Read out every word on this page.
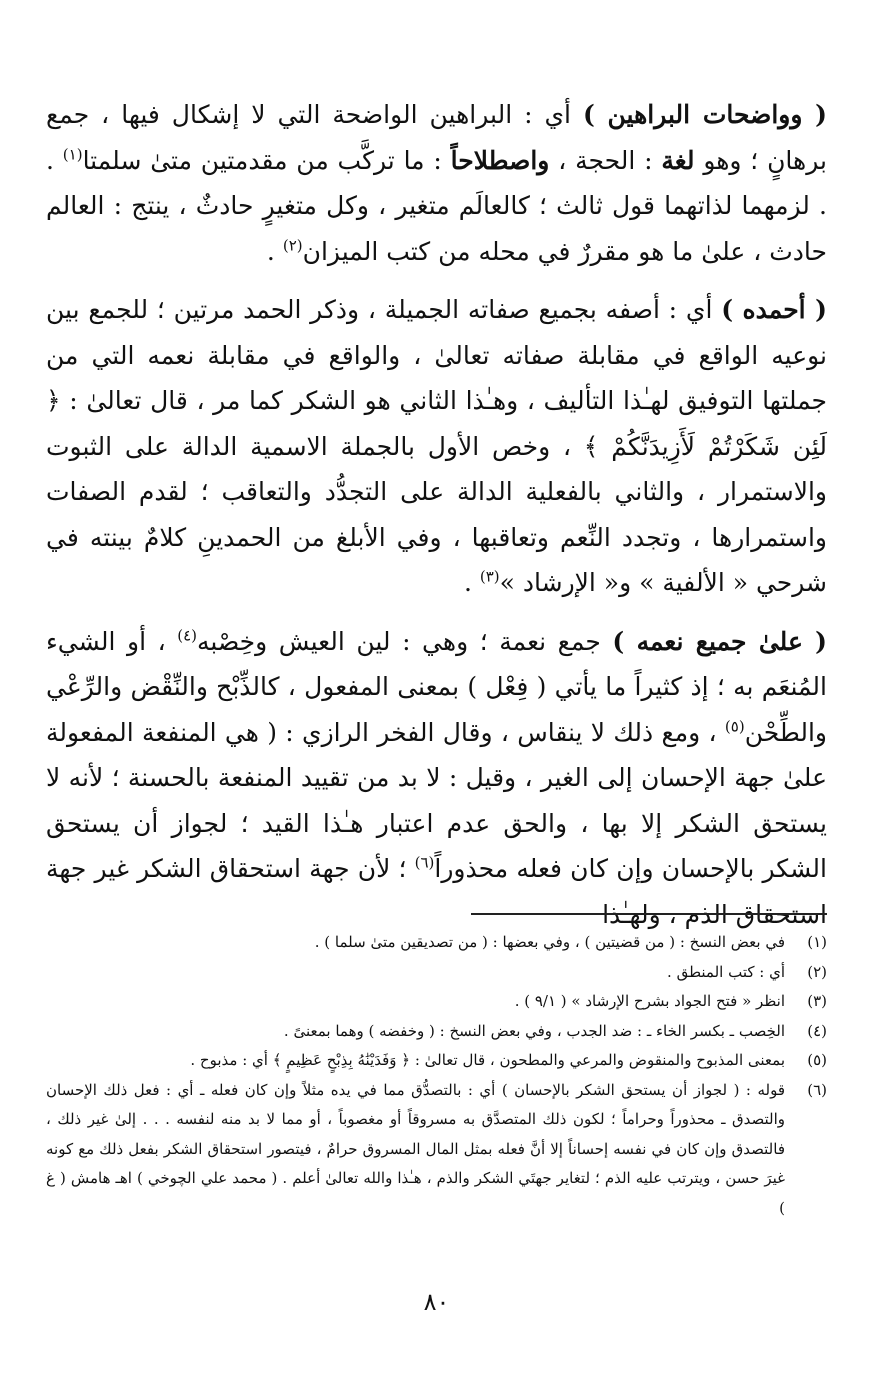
( وواضحات البراهين ) أي : البراهين الواضحة التي لا إشكال فيها ، جمع برهانٍ ؛ وهو لغة : الحجة ، واصطلاحاً : ما تركَّب من مقدمتين متىٰ سلمتا$^{(١)}$ . . لزمهما لذاتهما قول ثالث ؛ كالعالَم متغير ، وكل متغيرٍ حادثٌ ، ينتج : العالم حادث ، علىٰ ما هو مقررٌ في محله من كتب الميزان$^{(٢)}$ .

( أحمده ) أي : أصفه بجميع صفاته الجميلة ، وذكر الحمد مرتين ؛ للجمع بين نوعيه الواقع في مقابلة صفاته تعالىٰ ، والواقع في مقابلة نعمه التي من جملتها التوفيق لهـٰذا التأليف ، وهـٰذا الثاني هو الشكر كما مر ، قال تعالىٰ : ﴿ لَئِن شَكَرْتُمْ لَأَزِيدَنَّكُمْ ﴾ ، وخص الأول بالجملة الاسمية الدالة على الثبوت والاستمرار ، والثاني بالفعلية الدالة على التجدُّد والتعاقب ؛ لقدم الصفات واستمرارها ، وتجدد النِّعم وتعاقبها ، وفي الأبلغ من الحمدينِ كلامٌ بينته في شرحي « الألفية » و« الإرشاد »$^{(٣)}$ .

( علىٰ جميع نعمه ) جمع نعمة ؛ وهي : لين العيش وخِصْبه$^{(٤)}$ ، أو الشيء المُنعَم به ؛ إذ كثيراً ما يأتي ( فِعْل ) بمعنى المفعول ، كالذِّبْح والنِّقْض والرِّعْي والطِّحْن$^{(٥)}$ ، ومع ذلك لا ينقاس ، وقال الفخر الرازي : ( هي المنفعة المفعولة علىٰ جهة الإحسان إلى الغير ، وقيل : لا بد من تقييد المنفعة بالحسنة ؛ لأنه لا يستحق الشكر إلا بها ، والحق عدم اعتبار هـٰذا القيد ؛ لجواز أن يستحق الشكر بالإحسان وإن كان فعله محذوراً$^{(٦)}$ ؛ لأن جهة استحقاق الشكر غير جهة استحقاق الذم ، ولهـٰذا

(١)
في بعض النسخ : ( من قضيتين ) ، وفي بعضها : ( من تصديقين متىٰ سلما ) .
(٢)
أي : كتب المنطق .
(٣)
انظر « فتح الجواد بشرح الإرشاد » ( ٩/١ ) .
(٤)
الخِصب ـ بكسر الخاء ـ : ضد الجدب ، وفي بعض النسخ : ( وخفضه ) وهما بمعنىً .
(٥)
بمعنى المذبوح والمنقوض والمرعي والمطحون ، قال تعالىٰ : ﴿ وَفَدَيْنَٰهُ بِذِبْحٍ عَظِيمٍ ﴾ أي : مذبوح .
(٦)
قوله : ( لجواز أن يستحق الشكر بالإحسان ) أي : بالتصدُّق مما في يده مثلاً وإن كان فعله ـ أي : فعل ذلك الإحسان والتصدق ـ محذوراً وحراماً ؛ لكون ذلك المتصدَّق به مسروقاً أو مغصوباً ، أو مما لا بد منه لنفسه . . . إلىٰ غير ذلك ، فالتصدق وإن كان في نفسه إحساناً إلا أنَّ فعله بمثل المال المسروق حرامٌ ، فيتصور استحقاق الشكر بفعل ذلك مع كونه غيرَ حسن ، ويترتب عليه الذم ؛ لتغاير جهتَي الشكر والذم ، هـٰذا والله تعالىٰ أعلم . ( محمد علي الچوخي ) اهـ هامش ( غ )
٨٠
